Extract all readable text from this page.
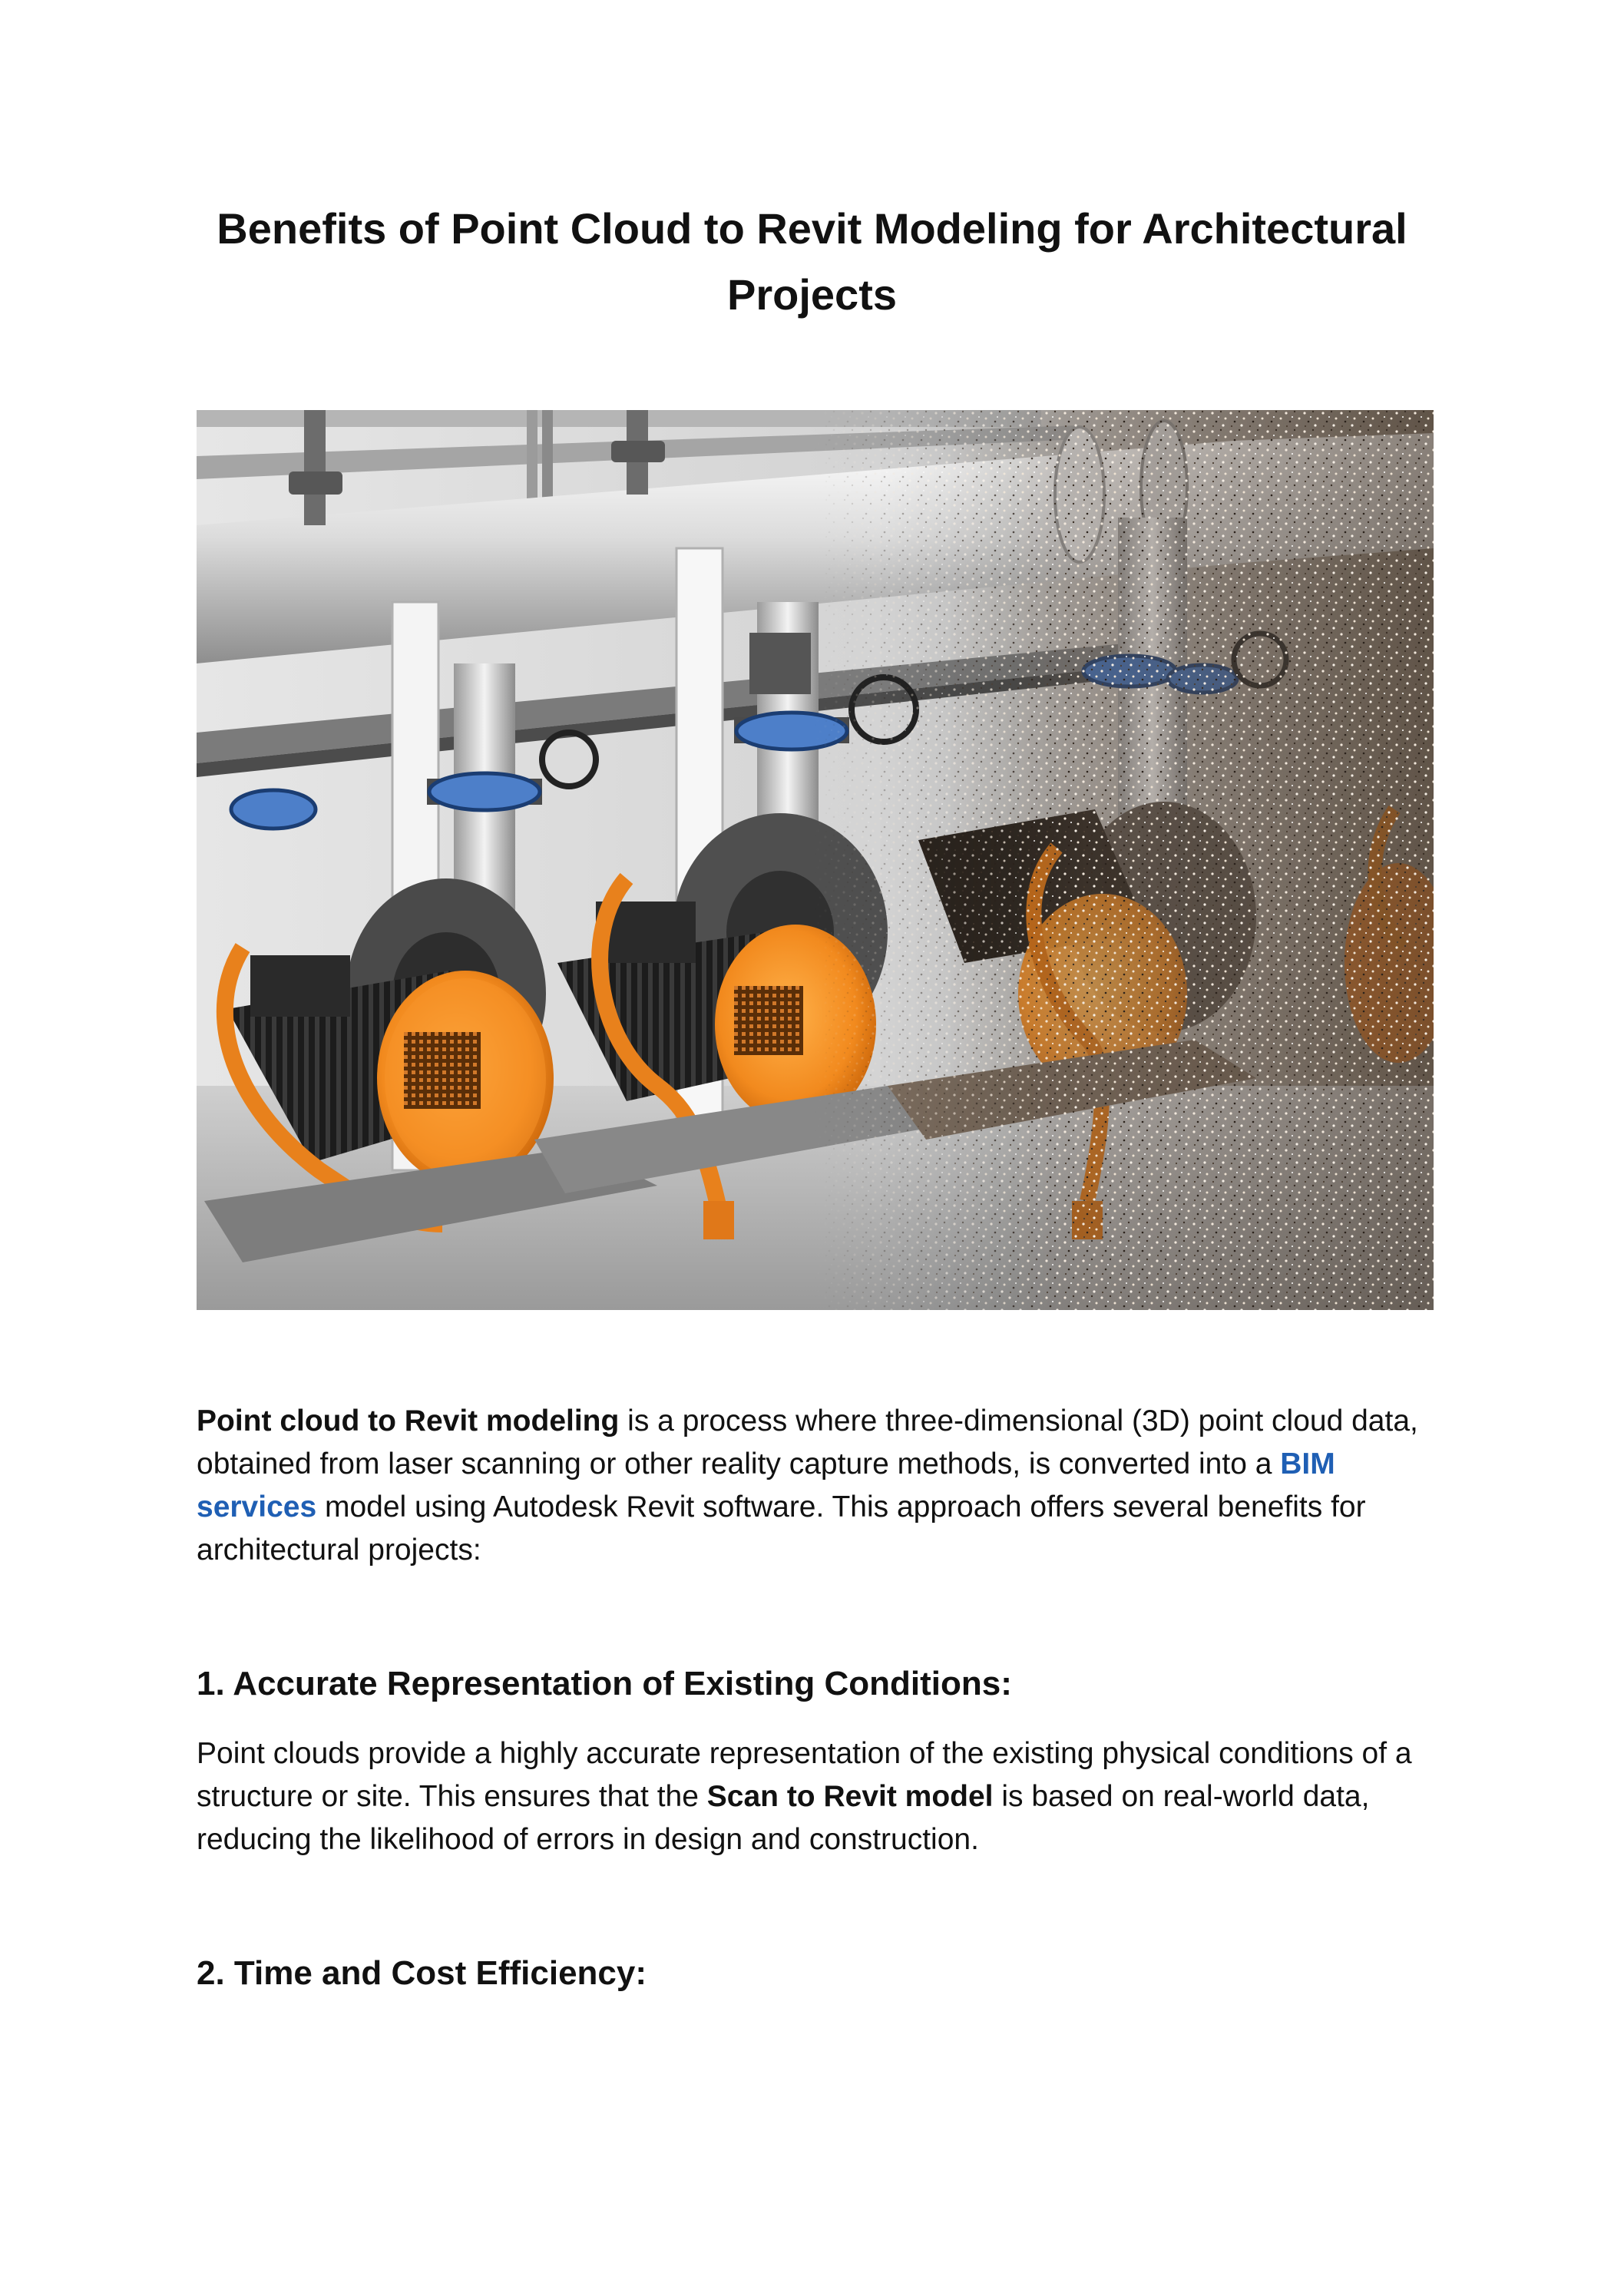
Benefits of Point Cloud to Revit Modeling for Architectural Projects

Point cloud to Revit modeling is a process where three-dimensional (3D) point cloud data, obtained from laser scanning or other reality capture methods, is converted into a BIM services model using Autodesk Revit software. This approach offers several benefits for architectural projects:

1. Accurate Representation of Existing Conditions:

Point clouds provide a highly accurate representation of the existing physical conditions of a structure or site. This ensures that the Scan to Revit model is based on real-world data, reducing the likelihood of errors in design and construction.

2. Time and Cost Efficiency:
